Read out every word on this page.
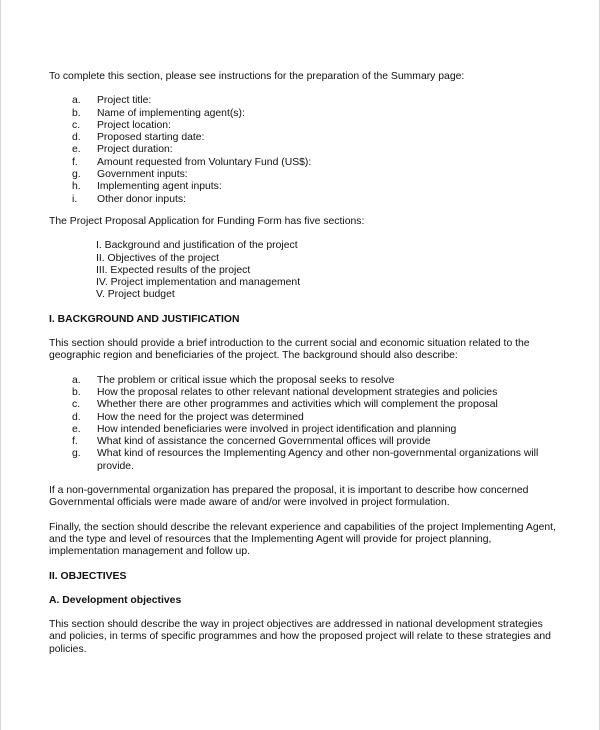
To complete this section, please see instructions for the preparation of the Summary page:

a.	Project title:
b.	Name of implementing agent(s):
c.	Project location:
d.	Proposed starting date:
e.	Project duration:
f.	Amount requested from Voluntary Fund (US$):
g.	Government inputs:
h.	Implementing agent inputs:
i.	Other donor inputs:

The Project Proposal Application for Funding Form has five sections:

I. Background and justification of the project
II. Objectives of the project
III. Expected results of the project
IV. Project implementation and management
V. Project budget

I. BACKGROUND AND JUSTIFICATION

This section should provide a brief introduction to the current social and economic situation related to the geographic region and beneficiaries of the project. The background should also describe:

a.	The problem or critical issue which the proposal seeks to resolve
b.	How the proposal relates to other relevant national development strategies and policies
c.	Whether there are other programmes and activities which will complement the proposal
d.	How the need for the project was determined
e.	How intended beneficiaries were involved in project identification and planning
f.	What kind of assistance the concerned Governmental offices will provide
g.	What kind of resources the Implementing Agency and other non-governmental organizations will provide.

If a non-governmental organization has prepared the proposal, it is important to describe how concerned Governmental officials were made aware of and/or were involved in project formulation.

Finally, the section should describe the relevant experience and capabilities of the project Implementing Agent, and the type and level of resources that the Implementing Agent will provide for project planning, implementation management and follow up.

II. OBJECTIVES

A. Development objectives

This section should describe the way in project objectives are addressed in national development strategies and policies, in terms of specific programmes and how the proposed project will relate to these strategies and policies.
